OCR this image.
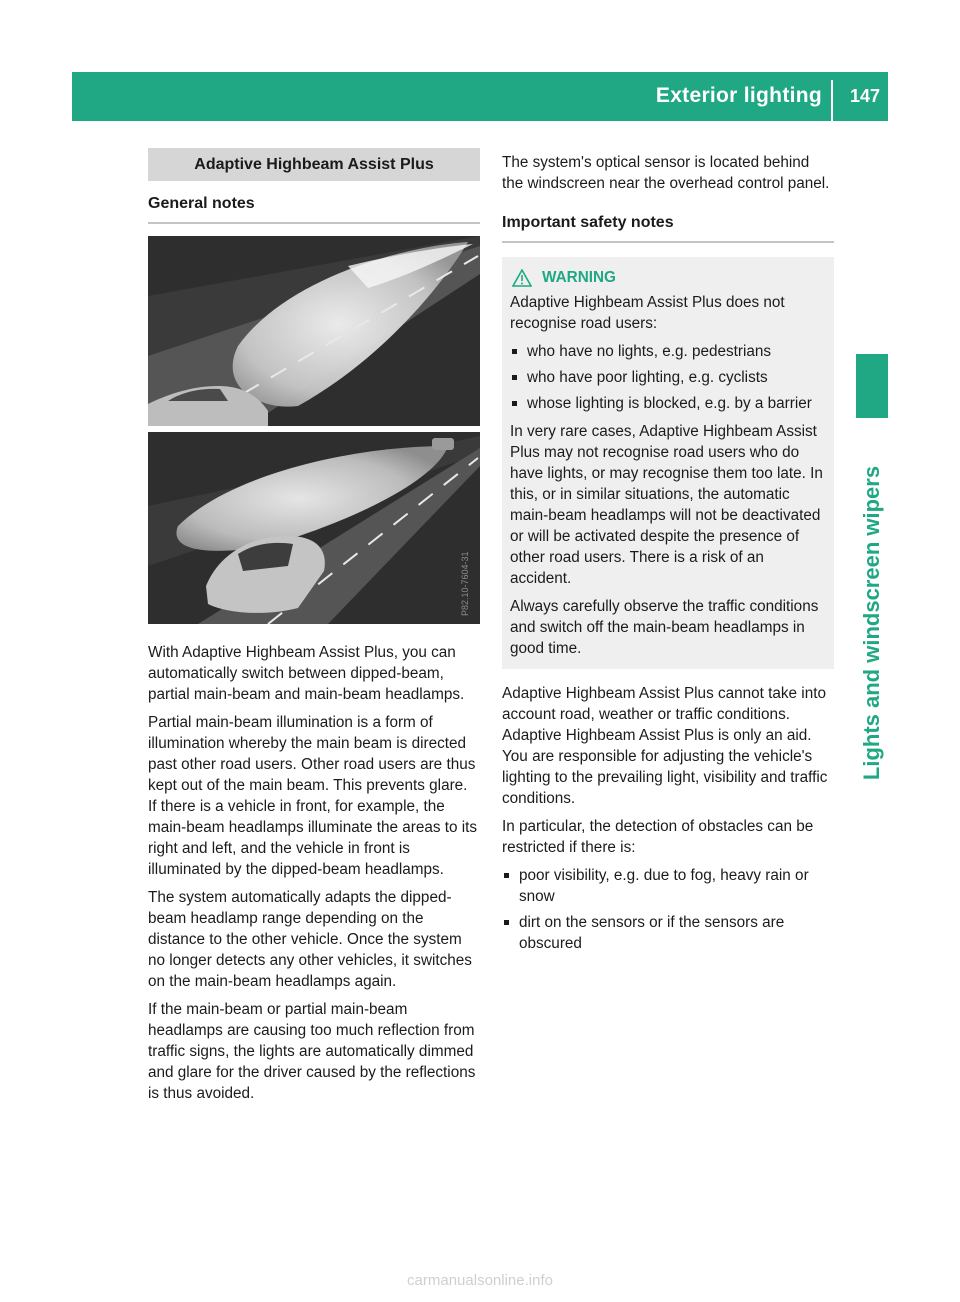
Exterior lighting 147
Lights and windscreen wipers
Adaptive Highbeam Assist Plus
General notes
P82.10-7604-31

With Adaptive Highbeam Assist Plus, you can automatically switch between dipped-beam, partial main-beam and main-beam headlamps.

Partial main-beam illumination is a form of illumination whereby the main beam is directed past other road users. Other road users are thus kept out of the main beam. This prevents glare. If there is a vehicle in front, for example, the main-beam headlamps illuminate the areas to its right and left, and the vehicle in front is illuminated by the dipped-beam headlamps.

The system automatically adapts the dipped-beam headlamp range depending on the distance to the other vehicle. Once the system no longer detects any other vehicles, it switches on the main-beam headlamps again.

If the main-beam or partial main-beam headlamps are causing too much reflection from traffic signs, the lights are automatically dimmed and glare for the driver caused by the reflections is thus avoided.

The system's optical sensor is located behind the windscreen near the overhead control panel.

Important safety notes
WARNING

Adaptive Highbeam Assist Plus does not recognise road users:

who have no lights, e.g. pedestrians
who have poor lighting, e.g. cyclists
whose lighting is blocked, e.g. by a barrier

In very rare cases, Adaptive Highbeam Assist Plus may not recognise road users who do have lights, or may recognise them too late. In this, or in similar situations, the automatic main-beam headlamps will not be deactivated or will be activated despite the presence of other road users. There is a risk of an accident.

Always carefully observe the traffic conditions and switch off the main-beam headlamps in good time.

Adaptive Highbeam Assist Plus cannot take into account road, weather or traffic conditions. Adaptive Highbeam Assist Plus is only an aid. You are responsible for adjusting the vehicle's lighting to the prevailing light, visibility and traffic conditions.

In particular, the detection of obstacles can be restricted if there is:

poor visibility, e.g. due to fog, heavy rain or snow
dirt on the sensors or if the sensors are obscured
carmanualsonline.info
